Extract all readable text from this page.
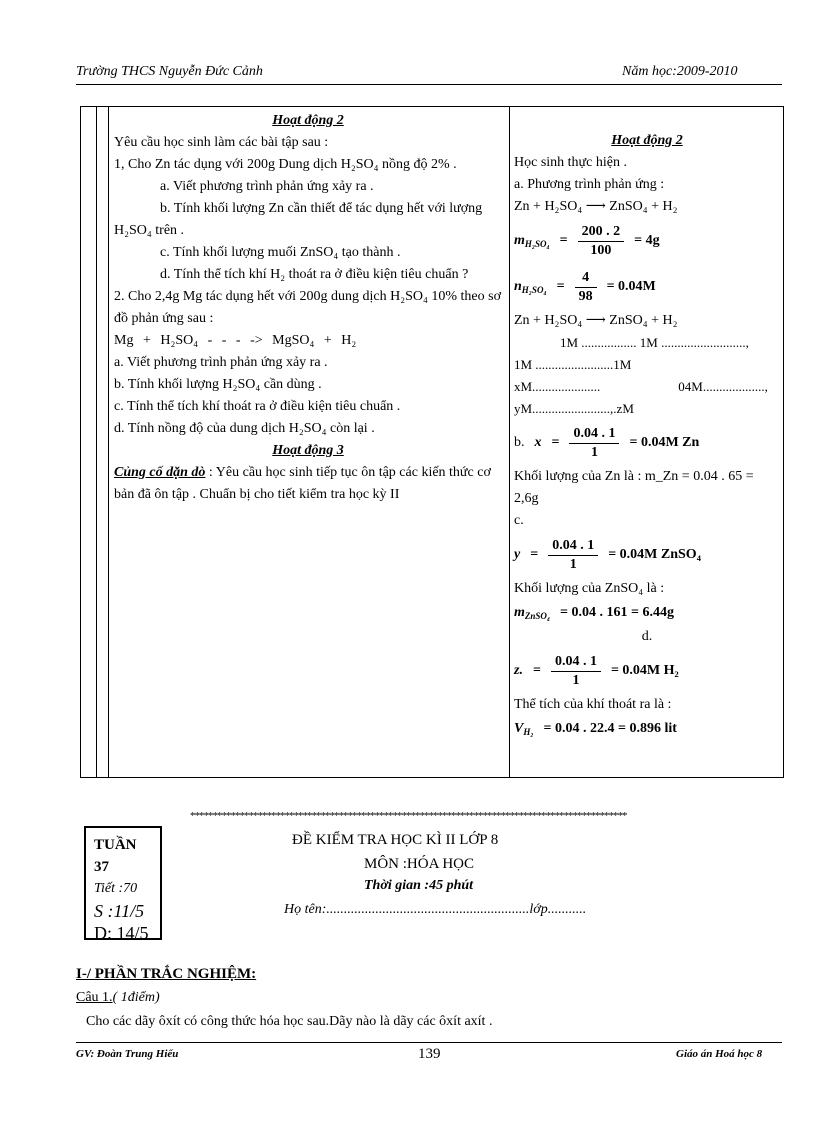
Trường THCS Nguyễn Đức Cảnh	Năm học:2009-2010

Hoạt động 2

Yêu cầu học sinh làm các bài tập sau :

1, Cho Zn tác dụng với 200g Dung dịch H₂SO₄ nồng độ 2% .

a. Viết phương trình phản ứng xảy ra .

b. Tính khối lượng Zn cần thiết để tác dụng hết với lượng H₂SO₄ trên .

c. Tính khối lượng muối ZnSO₄ tạo thành .

d. Tính thể tích khí H₂ thoát ra ở điều kiện tiêu chuẩn ?

2. Cho 2,4g Mg tác dụng hết với 200g dung dịch H₂SO₄ 10% theo sơ đồ phản ứng sau :

Mg + H₂SO₄ - - - -> MgSO₄ + H₂

a. Viết phương trình phản ứng xảy ra .

b. Tính khối lượng H₂SO₄ cần dùng .

c. Tính thể tích khí thoát ra ở điều kiện tiêu chuẩn .

d. Tính nồng độ của dung dịch H₂SO₄ còn lại .

Hoạt động 3

Củng cố dặn dò : Yêu cầu học sinh tiếp tục ôn tập các kiến thức cơ bản đã ôn tập . Chuẩn bị cho tiết kiểm tra học kỳ II

Hoạt động 2

Học sinh thực hiện .

a. Phương trình phản ứng :

Zn + H₂SO₄ ⟶ ZnSO₄ + H₂

$m_{H_2SO_4} = \frac{200 . 2}{100} = 4g$
$n_{H_2SO_4} = \frac{4}{98} = 0.04M$

Zn + H₂SO₄ ⟶ ZnSO₄ + H₂

1M ................. 1M ..........................,

1M ........................1M

xM.....................                        04M...................,

yM........................,.zM

b. $x = \frac{0.04 . 1}{1} = 0.04M$ Zn

Khối lượng của Zn là : m_Zn = 0.04 . 65 = 2,6g

c.

$y = \frac{0.04 . 1}{1} = 0.04M$ ZnSO₄

Khối lượng của ZnSO₄ là :

$m_{ZnSO_4} = 0.04$ . 161 = 6.44g

d.

z. = $\frac{0.04 . 1}{1} = 0.04M$ H₂

Thể tích của khí thoát ra là :

$V_{H_2} = 0.04$ . 22.4 = 0.896 lit
*************************************************************************************************
TUẦN 37
Tiết :70
S :11/5
D: 14/5
ĐỀ KIỂM TRA HỌC KÌ II LỚP 8
MÔN :HÓA HỌC
Thời gian :45 phút
Họ tên:..........................................................lớp...........
I-/ PHẦN TRẮC NGHIỆM:
Câu 1.( 1điểm)
Cho các dãy ôxít có công thức hóa học sau.Dãy nào là dãy các ôxít axít .
GV: Đoàn Trung Hiếu	139	Giáo án Hoá học 8
